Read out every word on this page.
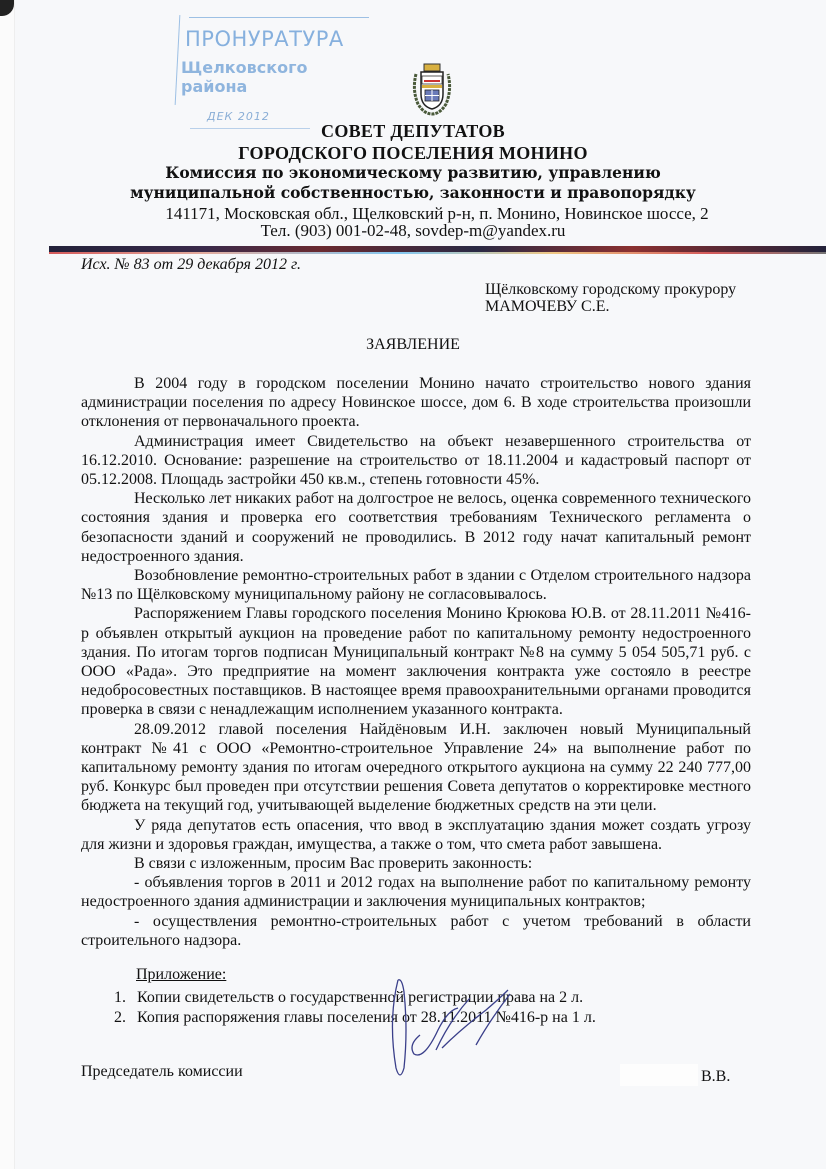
ПРОНУРАТУРА
Щелковского района
ДЕК 2012
СОВЕТ ДЕПУТАТОВ
ГОРОДСКОГО ПОСЕЛЕНИЯ МОНИНО
Комиссия по экономическому развитию, управлению
муниципальной собственностью, законности и правопорядку
141171, Московская обл., Щелковский р-н, п. Монино, Новинское шоссе, 2
Тел. (903) 001-02-48, sovdep-m@yandex.ru
Исх. № 83 от 29 декабря 2012 г.
Щёлковскому городскому прокурору
МАМОЧЕВУ С.Е.
ЗАЯВЛЕНИЕ

В 2004 году в городском поселении Монино начато строительство нового здания администрации поселения по адресу Новинское шоссе, дом 6. В ходе строительства произошли отклонения от первоначального проекта.

Администрация имеет Свидетельство на объект незавершенного строительства от 16.12.2010. Основание: разрешение на строительство от 18.11.2004 и кадастровый паспорт от 05.12.2008. Площадь застройки 450 кв.м., степень готовности 45%.

Несколько лет никаких работ на долгострое не велось, оценка современного технического состояния здания и проверка его соответствия требованиям Технического регламента о безопасности зданий и сооружений не проводились. В 2012 году начат капитальный ремонт недостроенного здания.

Возобновление ремонтно-строительных работ в здании с Отделом строительного надзора №13 по Щёлковскому муниципальному району не согласовывалось.

Распоряжением Главы городского поселения Монино Крюкова Ю.В. от 28.11.2011 №416-р объявлен открытый аукцион на проведение работ по капитальному ремонту недостроенного здания. По итогам торгов подписан Муниципальный контракт №8 на сумму 5 054 505,71 руб. с ООО «Рада». Это предприятие на момент заключения контракта уже состояло в реестре недобросовестных поставщиков. В настоящее время правоохранительными органами проводится проверка в связи с ненадлежащим исполнением указанного контракта.

28.09.2012 главой поселения Найдёновым И.Н. заключен новый Муниципальный контракт №41 с ООО «Ремонтно-строительное Управление 24» на выполнение работ по капитальному ремонту здания по итогам очередного открытого аукциона на сумму 22 240 777,00 руб. Конкурс был проведен при отсутствии решения Совета депутатов о корректировке местного бюджета на текущий год, учитывающей выделение бюджетных средств на эти цели.

У ряда депутатов есть опасения, что ввод в эксплуатацию здания может создать угрозу для жизни и здоровья граждан, имущества, а также о том, что смета работ завышена.

В связи с изложенным, просим Вас проверить законность:

- объявления торгов в 2011 и 2012 годах на выполнение работ по капитальному ремонту недостроенного здания администрации и заключения муниципальных контрактов;

- осуществления ремонтно-строительных работ с учетом требований в области строительного надзора.

Приложение:
1. Копии свидетельств о государственной регистрации права на 2 л.
2. Копия распоряжения главы поселения от 28.11.2011 №416-р на 1 л.
Председатель комиссии	В.В.
